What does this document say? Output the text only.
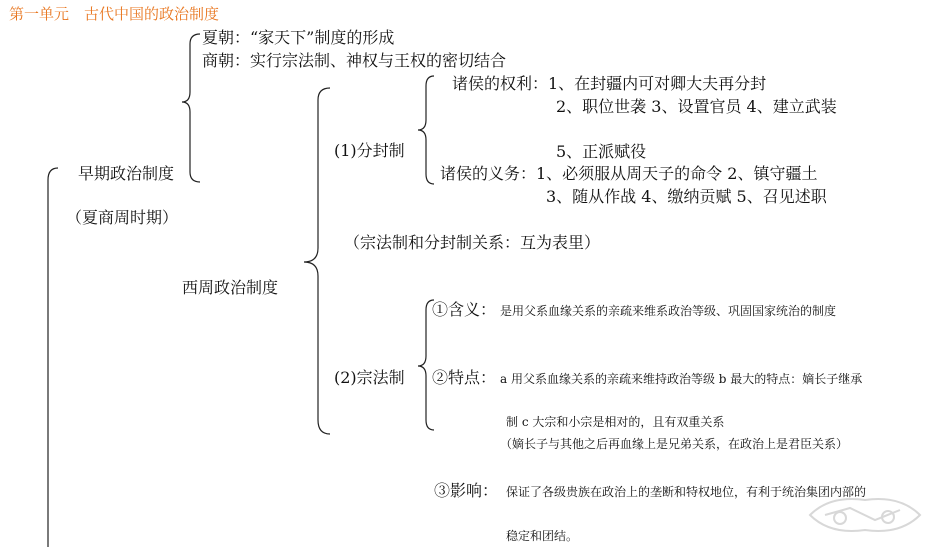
第一单元　古代中国的政治制度
早期政治制度
（夏商周时期）
夏朝：“家天下”制度的形成
商朝：实行宗法制、神权与王权的密切结合
西周政治制度
(1)分封制
诸侯的权利：1、在封疆内可对卿大夫再分封
2、职位世袭 3、设置官员 4、建立武装
5、正派赋役
诸侯的义务：1、必须服从周天子的命令 2、镇守疆土
3、随从作战 4、缴纳贡赋 5、召见述职
（宗法制和分封制关系：互为表里）
(2)宗法制
①含义： 是用父系血缘关系的亲疏来维系政治等级、巩固国家统治的制度
②特点： a 用父系血缘关系的亲疏来维持政治等级 b 最大的特点：嫡长子继承
制 c 大宗和小宗是相对的，且有双重关系
（嫡长子与其他之后再血缘上是兄弟关系，在政治上是君臣关系）
③影响： 保证了各级贵族在政治上的垄断和特权地位，有利于统治集团内部的
稳定和团结。
